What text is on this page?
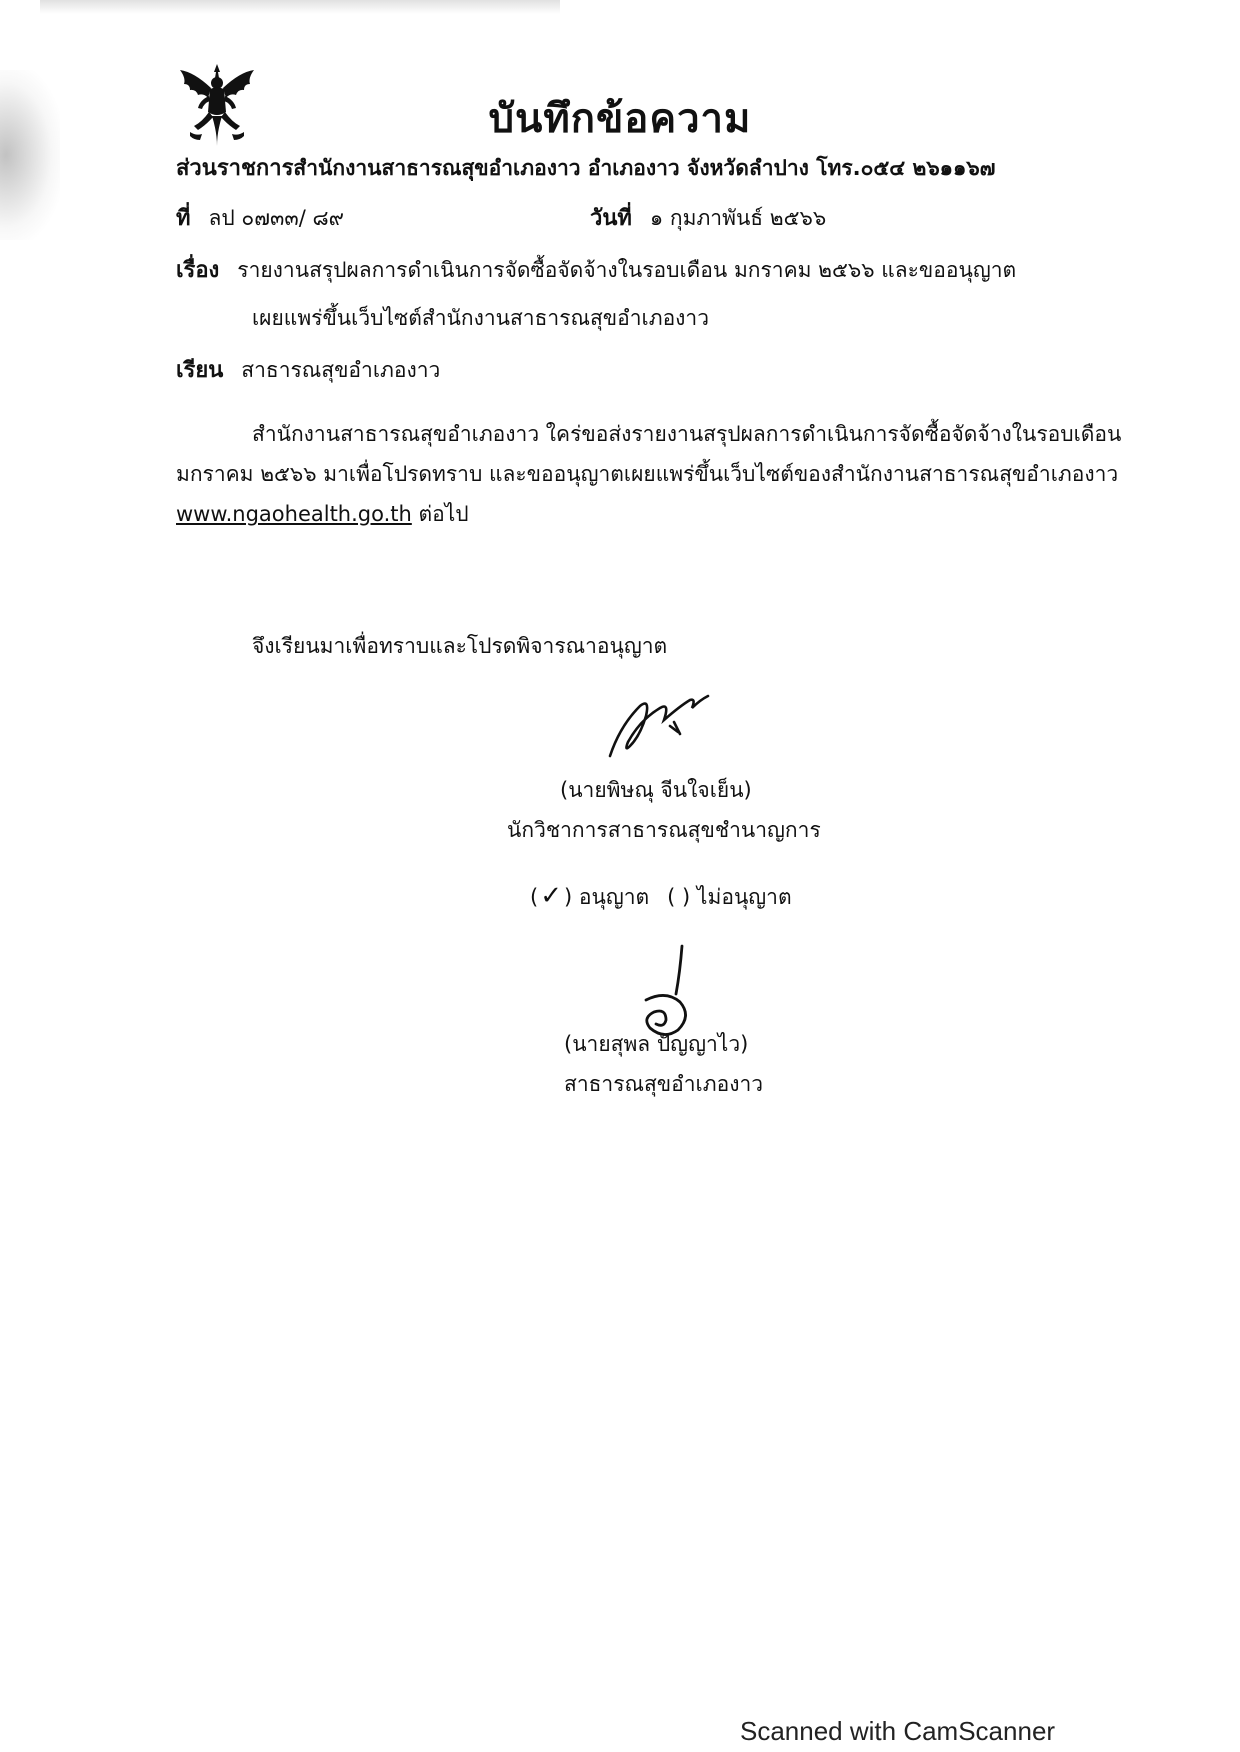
บันทึกข้อความ
ส่วนราชการสำนักงานสาธารณสุขอำเภองาว อำเภองาว จังหวัดลำปาง โทร.๐๕๔ ๒๖๑๑๖๗
ที่ ลป ๐๗๓๓/ ๘๙	วันที่ ๑ กุมภาพันธ์ ๒๕๖๖
เรื่อง รายงานสรุปผลการดำเนินการจัดซื้อจัดจ้างในรอบเดือน มกราคม ๒๕๖๖ และขออนุญาต
เผยแพร่ขึ้นเว็บไซต์สำนักงานสาธารณสุขอำเภองาว
เรียน สาธารณสุขอำเภองาว
สำนักงานสาธารณสุขอำเภองาว ใคร่ขอส่งรายงานสรุปผลการดำเนินการจัดซื้อจัดจ้างในรอบเดือน
มกราคม ๒๕๖๖ มาเพื่อโปรดทราบ และขออนุญาตเผยแพร่ขึ้นเว็บไซต์ของสำนักงานสาธารณสุขอำเภองาว
www.ngaohealth.go.th ต่อไป
จึงเรียนมาเพื่อทราบและโปรดพิจารณาอนุญาต
(นายพิษณุ จีนใจเย็น)
นักวิชาการสาธารณสุขชำนาญการ
(✓) อนุญาต ( ) ไม่อนุญาต
(นายสุพล ปัญญาไว)
สาธารณสุขอำเภองาว
Scanned with CamScanner
